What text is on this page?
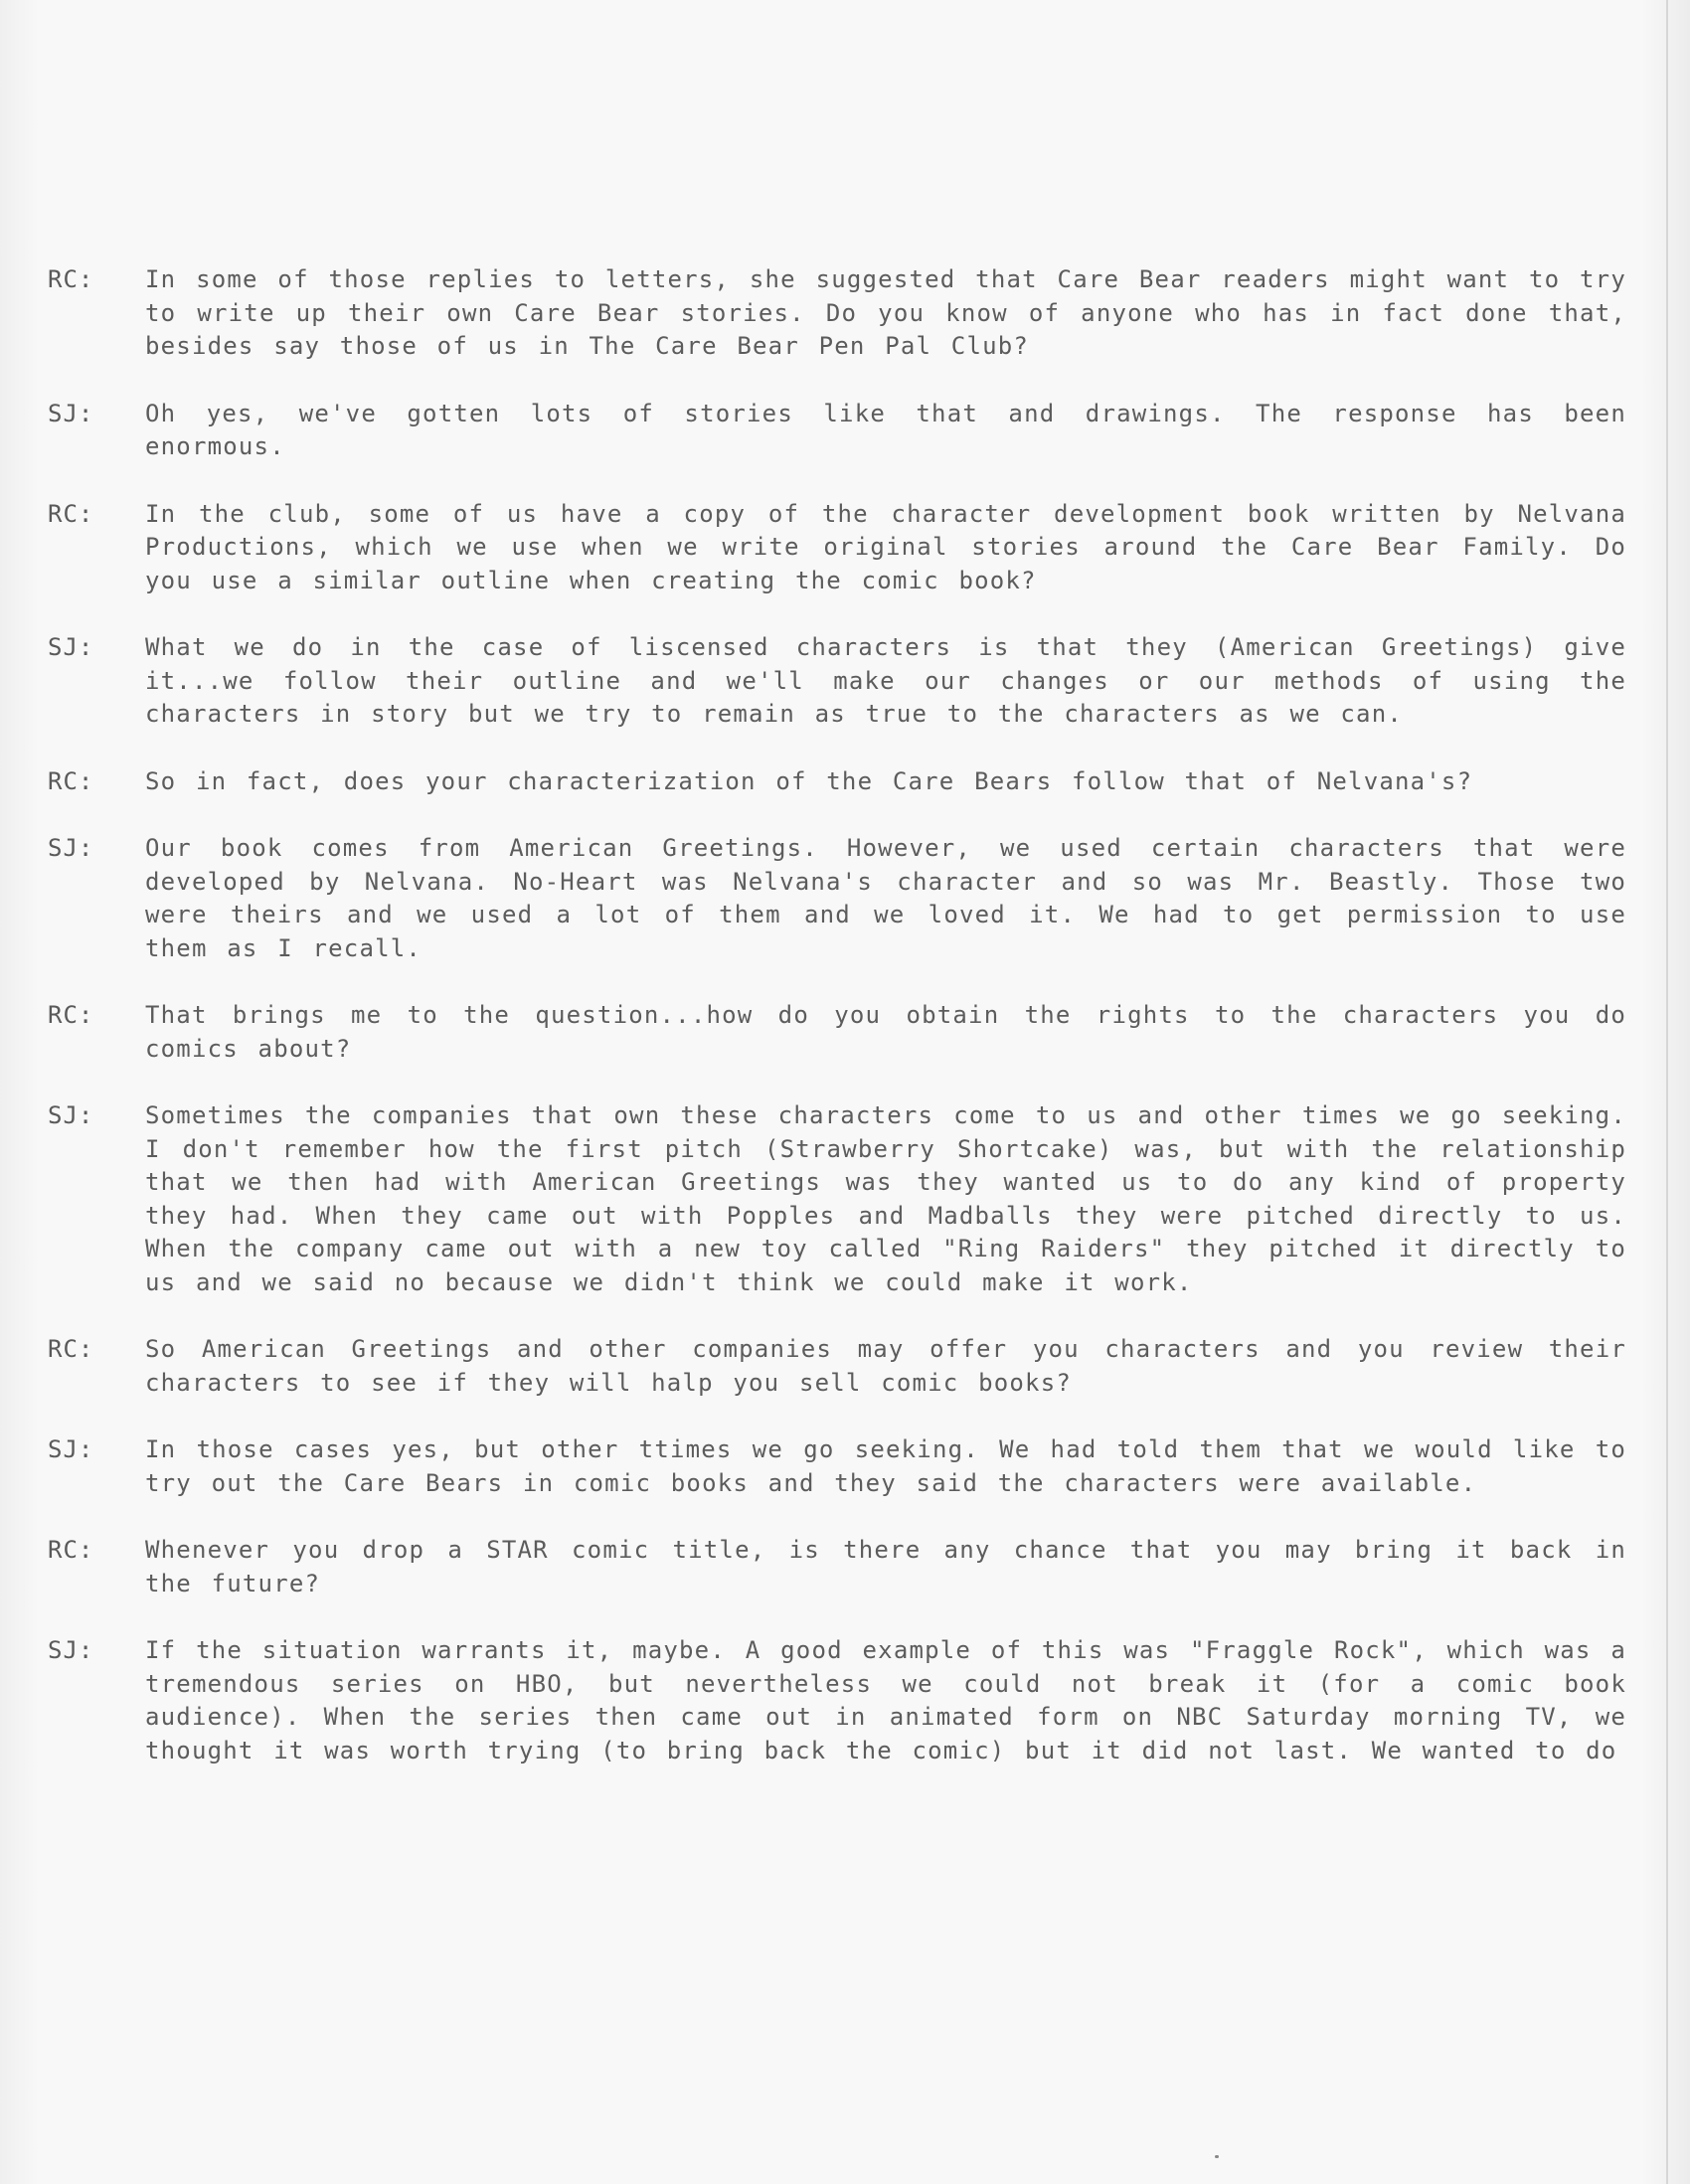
RC:	In some of those replies to letters, she suggested that Care Bear readers might want to try to write up their own Care Bear stories. Do you know of anyone who has in fact done that, besides say those of us in The Care Bear Pen Pal Club?
SJ:	Oh yes, we've gotten lots of stories like that and drawings. The response has been enormous.
RC:	In the club, some of us have a copy of the character development book written by Nelvana Productions, which we use when we write original stories around the Care Bear Family. Do you use a similar outline when creating the comic book?
SJ:	What we do in the case of liscensed characters is that they (American Greetings) give it...we follow their outline and we'll make our changes or our methods of using the characters in story but we try to remain as true to the characters as we can.
RC:	So in fact, does your characterization of the Care Bears follow that of Nelvana's?
SJ:	Our book comes from American Greetings. However, we used certain characters that were developed by Nelvana. No-Heart was Nelvana's character and so was Mr. Beastly. Those two were theirs and we used a lot of them and we loved it. We had to get permission to use them as I recall.
RC:	That brings me to the question...how do you obtain the rights to the characters you do comics about?
SJ:	Sometimes the companies that own these characters come to us and other times we go seeking. I don't remember how the first pitch (Strawberry Shortcake) was, but with the relationship that we then had with American Greetings was they wanted us to do any kind of property they had. When they came out with Popples and Madballs they were pitched directly to us. When the company came out with a new toy called "Ring Raiders" they pitched it directly to us and we said no because we didn't think we could make it work.
RC:	So American Greetings and other companies may offer you characters and you review their characters to see if they will halp you sell comic books?
SJ:	In those cases yes, but other ttimes we go seeking. We had told them that we would like to try out the Care Bears in comic books and they said the characters were available.
RC:	Whenever you drop a STAR comic title, is there any chance that you may bring it back in the future?
SJ:	If the situation warrants it, maybe. A good example of this was "Fraggle Rock", which was a tremendous series on HBO, but nevertheless we could not break it (for a comic book audience). When the series then came out in animated form on NBC Saturday morning TV, we thought it was worth trying (to bring back the comic) but it did not last. We wanted to do
